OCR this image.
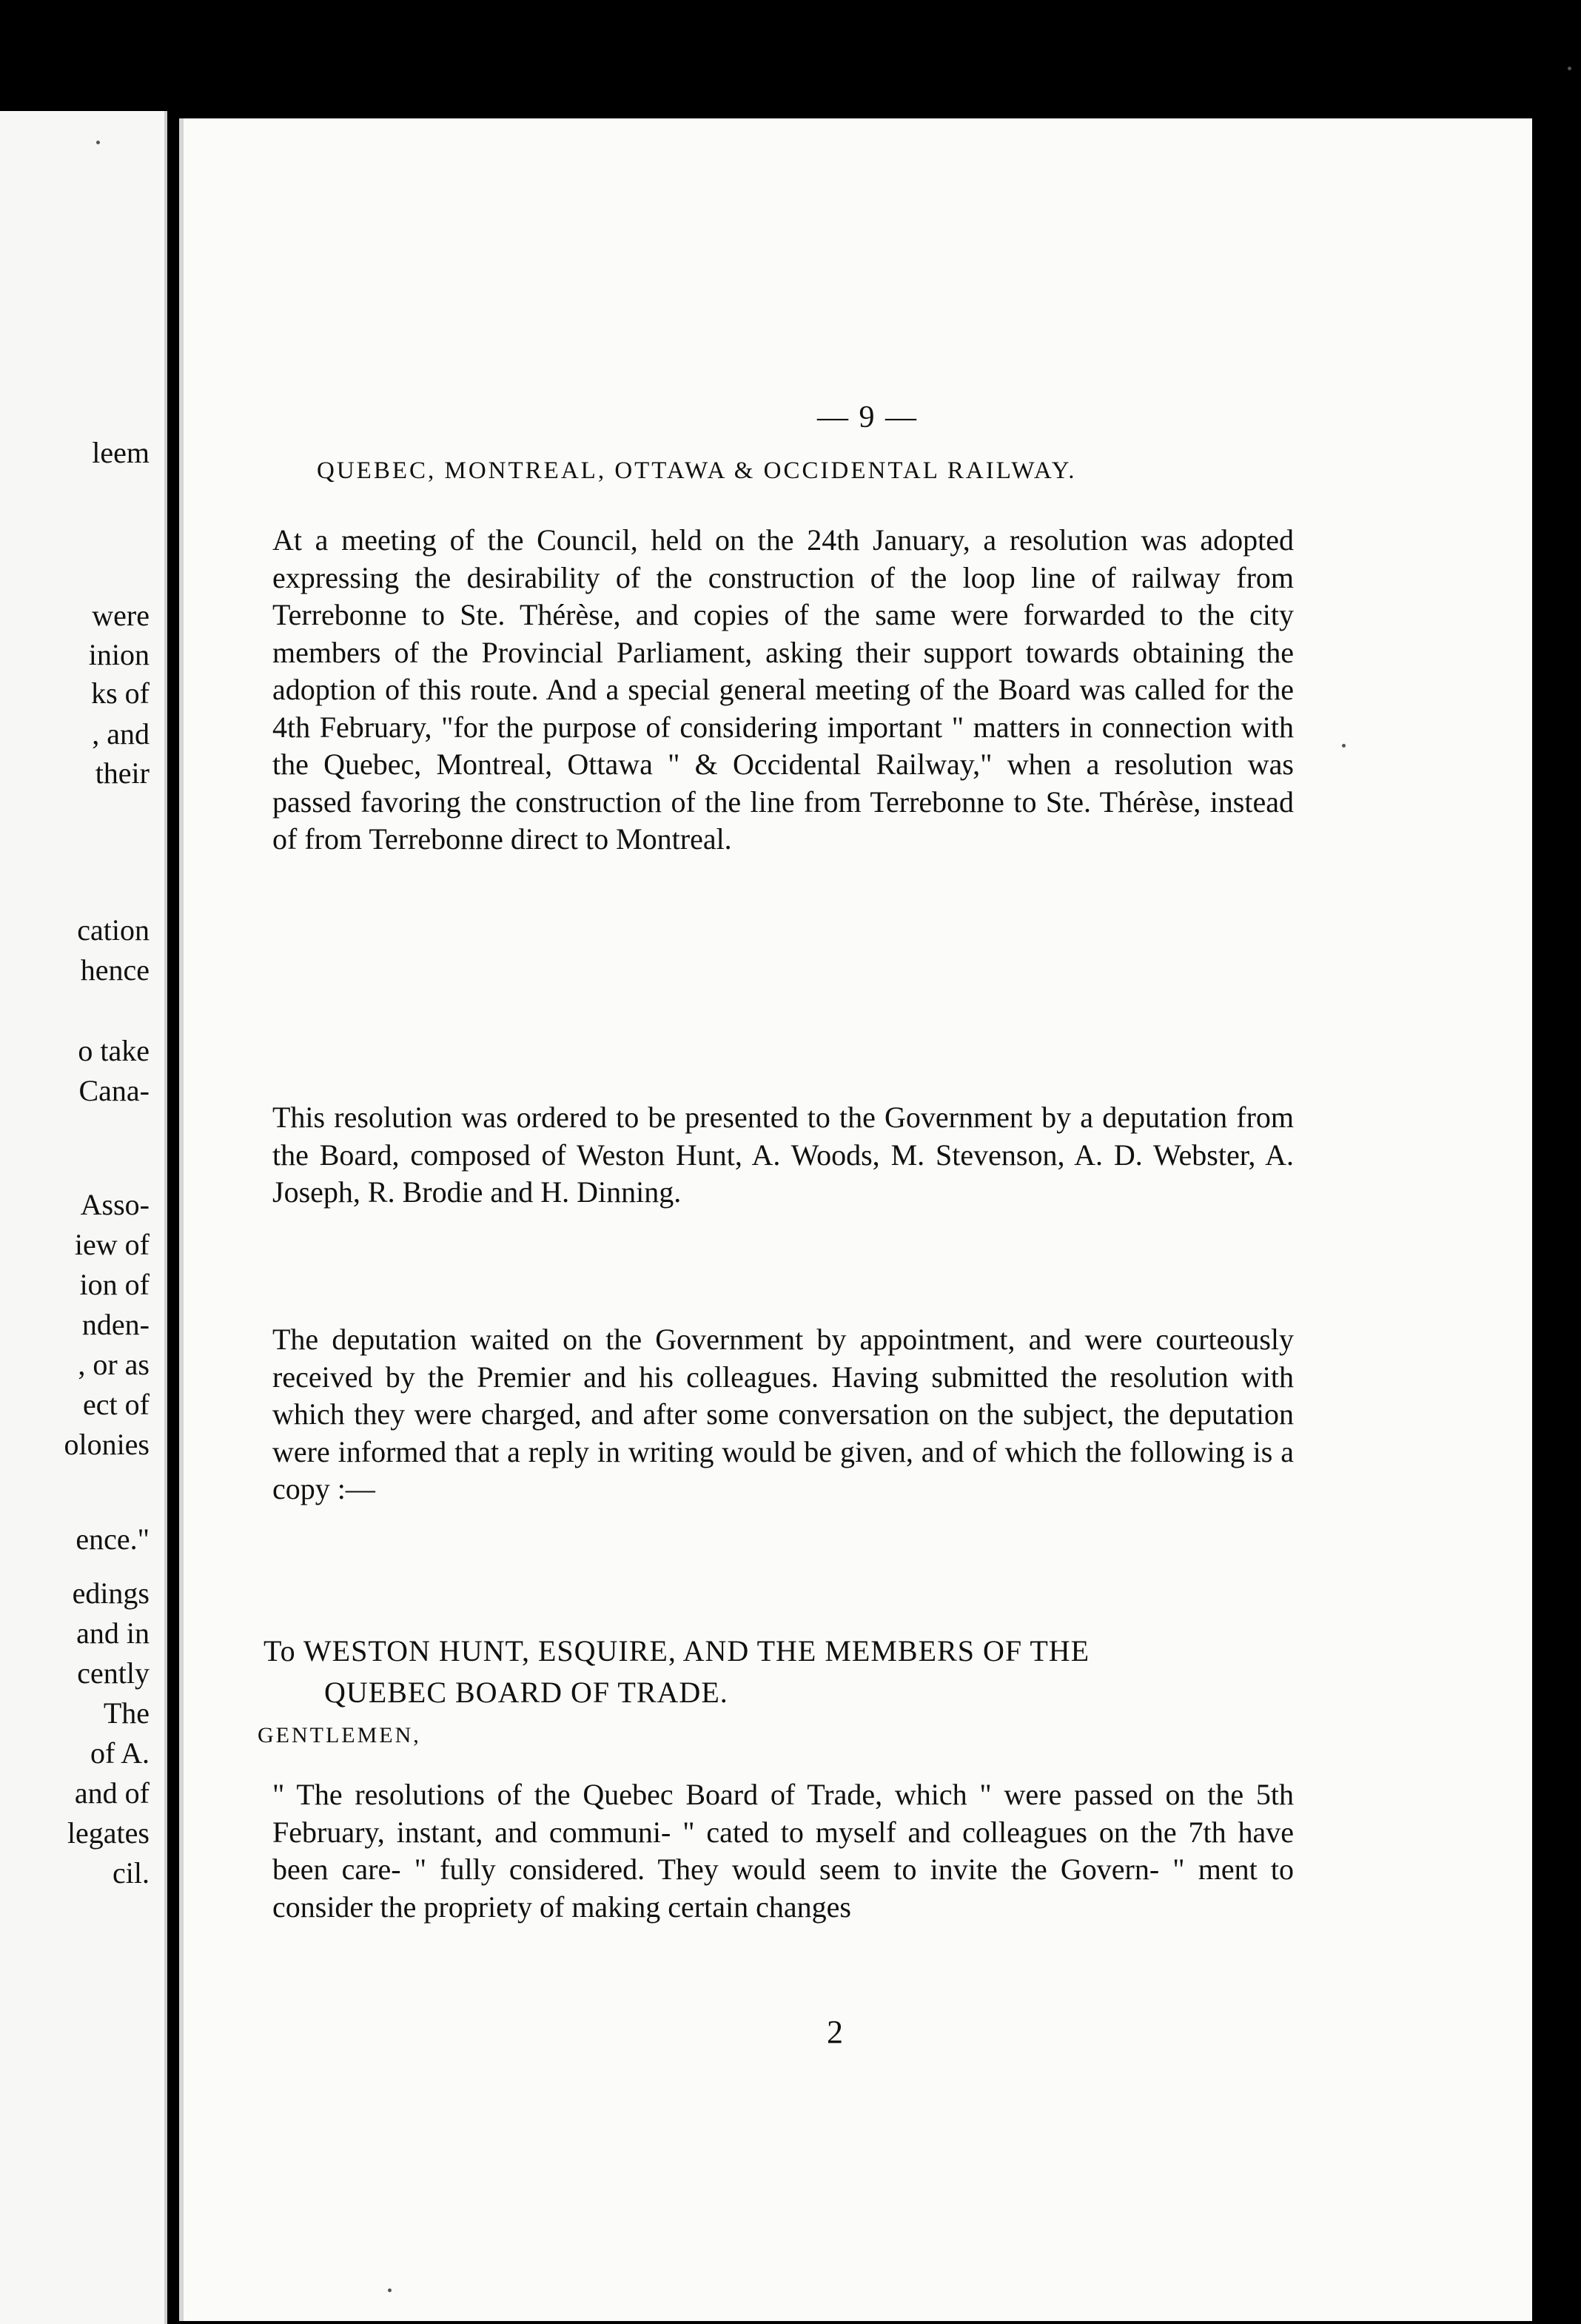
leem
were
inion
ks of
, and
their
cation
hence
o take
Cana-
Asso-
iew of
ion of
nden-
, or as
ect of
olonies
ence."
edings
and in
cently
The
of A.
and of
legates
cil.
— 9 —
QUEBEC, MONTREAL, OTTAWA & OCCIDENTAL RAILWAY.
At a meeting of the Council, held on the 24th January, a resolution was adopted expressing the desirability of the construction of the loop line of railway from Terrebonne to Ste. Thérèse, and copies of the same were forwarded to the city members of the Provincial Parliament, asking their support towards obtaining the adoption of this route. And a special general meeting of the Board was called for the 4th February, "for the purpose of considering important " matters in connection with the Quebec, Montreal, Ottawa " & Occidental Railway," when a resolution was passed favoring the construction of the line from Terrebonne to Ste. Thérèse, instead of from Terrebonne direct to Montreal.
This resolution was ordered to be presented to the Government by a deputation from the Board, composed of Weston Hunt, A. Woods, M. Stevenson, A. D. Webster, A. Joseph, R. Brodie and H. Dinning.
The deputation waited on the Government by appointment, and were courteously received by the Premier and his colleagues. Having submitted the resolution with which they were charged, and after some conversation on the subject, the deputation were informed that a reply in writing would be given, and of which the following is a copy :—
To WESTON HUNT, ESQUIRE, AND THE MEMBERS OF THE
QUEBEC BOARD OF TRADE.
GENTLEMEN,
" The resolutions of the Quebec Board of Trade, which " were passed on the 5th February, instant, and communi- " cated to myself and colleagues on the 7th have been care- " fully considered. They would seem to invite the Govern- " ment to consider the propriety of making certain changes
2
